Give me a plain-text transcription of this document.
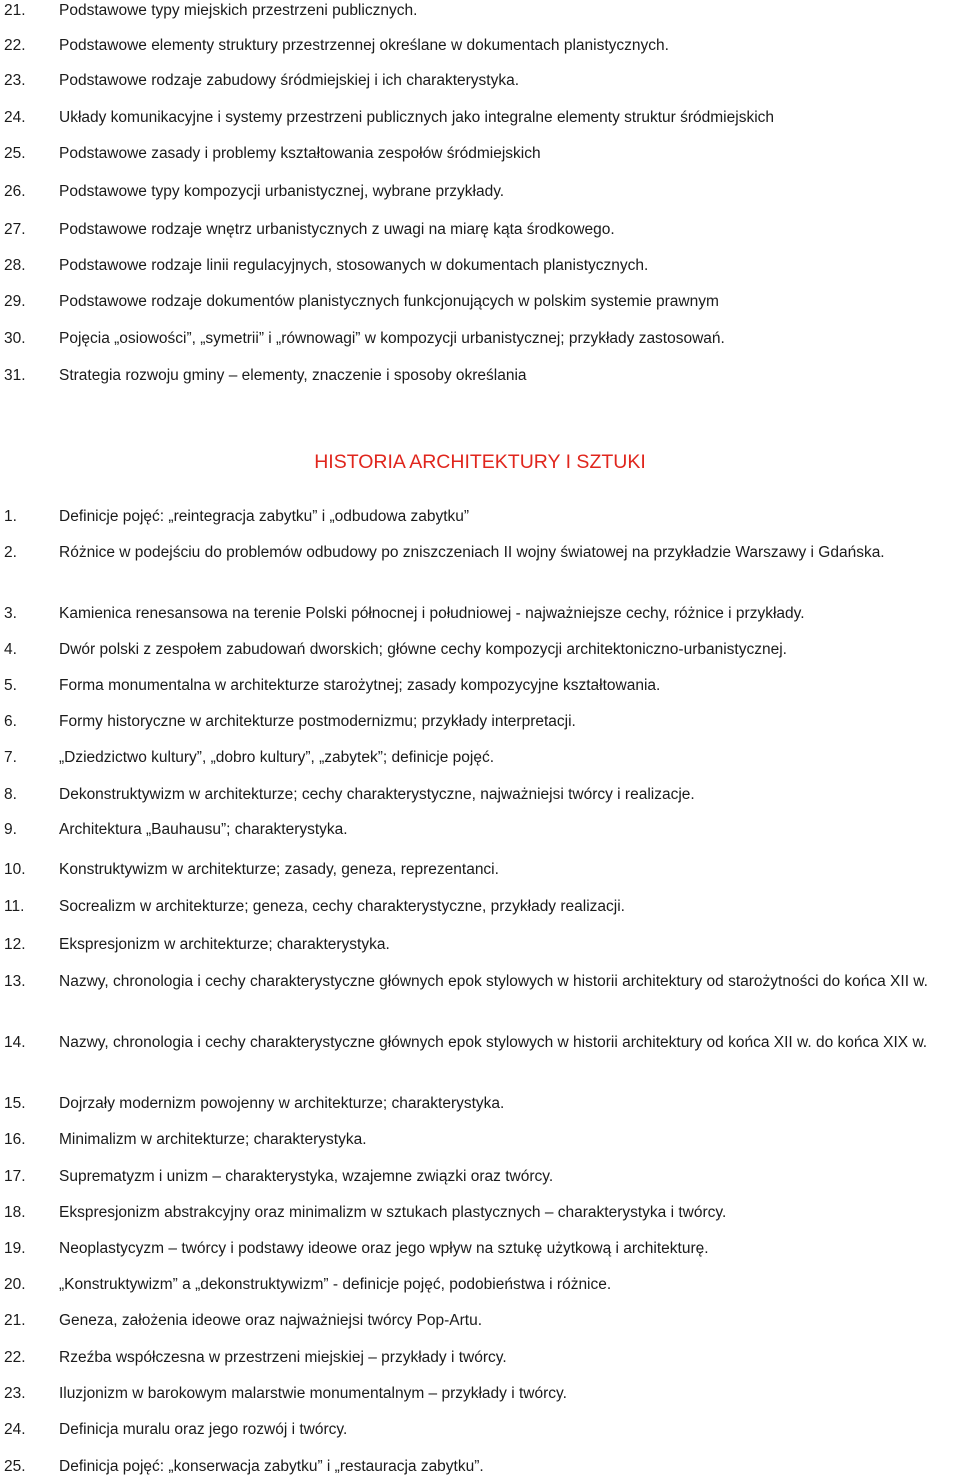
21.	Podstawowe typy miejskich przestrzeni publicznych.
22.	Podstawowe elementy struktury przestrzennej określane w dokumentach planistycznych.
23.	Podstawowe rodzaje zabudowy śródmiejskiej i ich charakterystyka.
24.	Układy komunikacyjne i systemy przestrzeni publicznych jako integralne elementy struktur śródmiejskich
25.	Podstawowe zasady i problemy kształtowania zespołów śródmiejskich
26.	Podstawowe typy kompozycji urbanistycznej, wybrane przykłady.
27.	Podstawowe rodzaje wnętrz urbanistycznych z uwagi na miarę kąta środkowego.
28.	Podstawowe rodzaje linii regulacyjnych, stosowanych w dokumentach planistycznych.
29.	Podstawowe rodzaje dokumentów planistycznych funkcjonujących w polskim systemie prawnym
30.	Pojęcia „osiowości”, „symetrii” i „równowagi” w kompozycji urbanistycznej; przykłady zastosowań.
31.	Strategia rozwoju gminy – elementy, znaczenie i sposoby określania
HISTORIA ARCHITEKTURY I SZTUKI
1.	Definicje pojęć: „reintegracja zabytku” i „odbudowa zabytku”
2.	Różnice w podejściu do problemów odbudowy po zniszczeniach II wojny światowej na przykładzie Warszawy i Gdańska.
3.	Kamienica renesansowa na terenie Polski północnej i południowej - najważniejsze cechy, różnice i przykłady.
4.	Dwór polski z zespołem zabudowań dworskich; główne cechy kompozycji architektoniczno-urbanistycznej.
5.	Forma monumentalna w architekturze starożytnej; zasady kompozycyjne kształtowania.
6.	Formy historyczne w architekturze postmodernizmu; przykłady interpretacji.
7.	„Dziedzictwo kultury”, „dobro kultury”, „zabytek”; definicje pojęć.
8.	Dekonstruktywizm w architekturze; cechy charakterystyczne, najważniejsi twórcy i realizacje.
9.	Architektura „Bauhausu”; charakterystyka.
10.	Konstruktywizm w architekturze; zasady, geneza, reprezentanci.
11.	Socrealizm w architekturze; geneza, cechy charakterystyczne, przykłady realizacji.
12.	Ekspresjonizm w architekturze; charakterystyka.
13.	Nazwy, chronologia i cechy charakterystyczne głównych epok stylowych w historii architektury od starożytności do końca XII w.
14.	Nazwy, chronologia i cechy charakterystyczne głównych epok stylowych w historii architektury od końca XII w. do końca XIX w.
15.	Dojrzały modernizm powojenny w architekturze; charakterystyka.
16.	Minimalizm w architekturze; charakterystyka.
17.	Suprematyzm i unizm – charakterystyka, wzajemne związki oraz twórcy.
18.	Ekspresjonizm abstrakcyjny oraz minimalizm w sztukach plastycznych – charakterystyka i twórcy.
19.	Neoplastycyzm – twórcy i podstawy ideowe oraz jego wpływ na sztukę użytkową i architekturę.
20.	„Konstruktywizm” a „dekonstruktywizm” - definicje pojęć, podobieństwa i różnice.
21.	Geneza, założenia ideowe oraz najważniejsi twórcy Pop-Artu.
22.	Rzeźba współczesna w przestrzeni miejskiej – przykłady i twórcy.
23.	Iluzjonizm w barokowym malarstwie monumentalnym – przykłady i twórcy.
24.	Definicja muralu oraz jego rozwój i twórcy.
25.	Definicja pojęć: „konserwacja zabytku” i „restauracja zabytku”.
